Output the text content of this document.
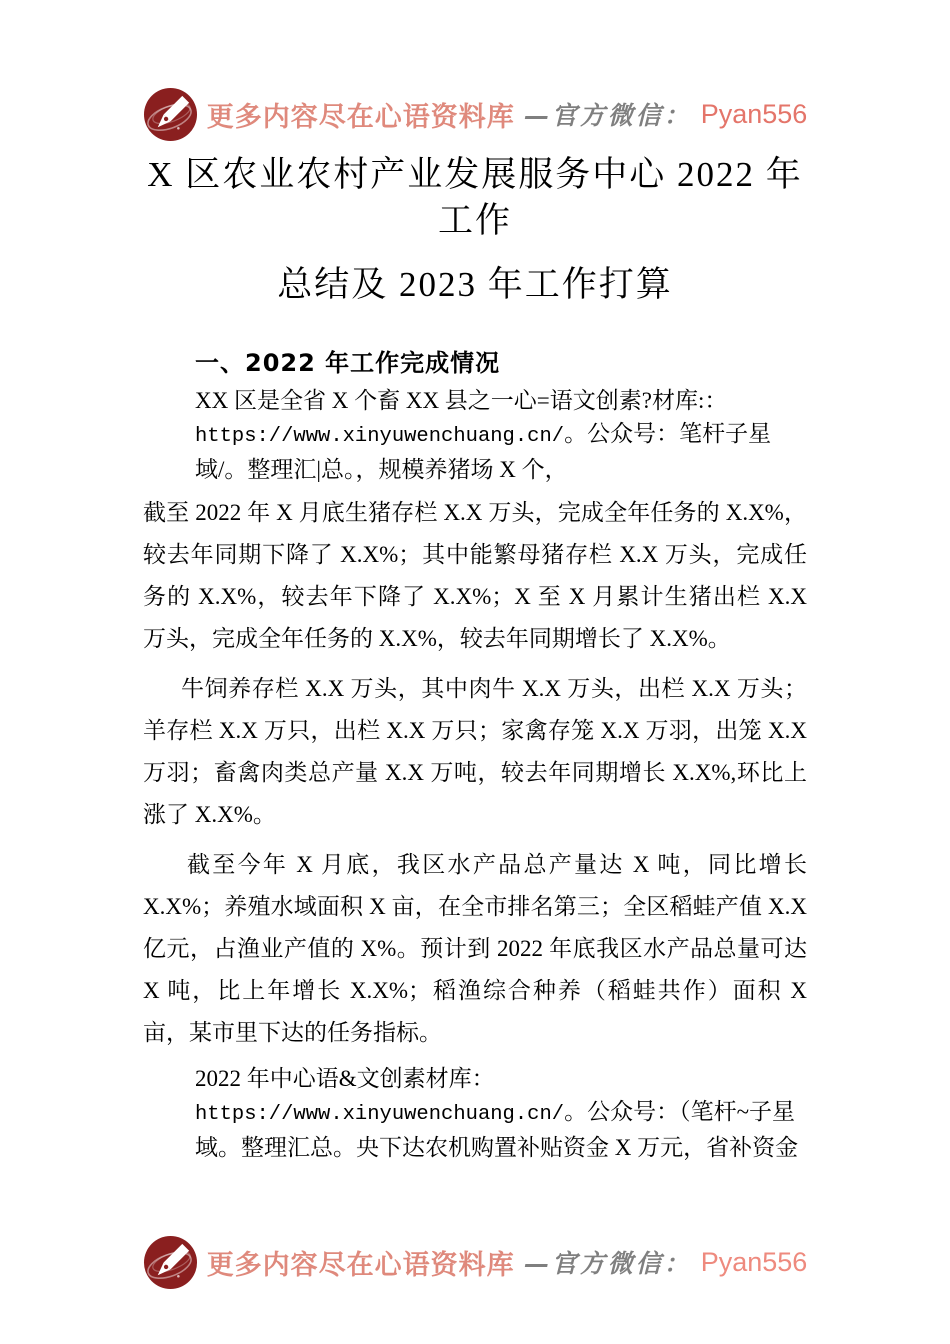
更多内容尽在心语资料库 —官方微信： Pyan556
X 区农业农村产业发展服务中心 2022 年工作
总结及 2023 年工作打算
一、2022 年工作完成情况

XX 区是全省 X 个畜 XX 县之一心=语文创素?材库:：https://www.xinyuwenchuang.cn/。公众号：笔杆子星域/。整理汇|总。，规模养猪场 X 个，

截至 2022 年 X 月底生猪存栏 X.X 万头，完成全年任务的 X.X%，较去年同期下降了 X.X%；其中能繁母猪存栏 X.X 万头，完成任务的 X.X%，较去年下降了 X.X%；X 至 X 月累计生猪出栏 X.X 万头，完成全年任务的 X.X%，较去年同期增长了 X.X%。

牛饲养存栏 X.X 万头，其中肉牛 X.X 万头，出栏 X.X 万头；羊存栏 X.X 万只，出栏 X.X 万只；家禽存笼 X.X 万羽，出笼 X.X 万羽；畜禽肉类总产量 X.X 万吨，较去年同期增长 X.X%,环比上涨了 X.X%。

截至今年 X 月底，我区水产品总产量达 X 吨，同比增长 X.X%；养殖水域面积 X 亩，在全市排名第三；全区稻蛙产值 X.X 亿元，占渔业产值的 X%。预计到 2022 年底我区水产品总量可达 X 吨，比上年增长 X.X%；稻渔综合种养（稻蛙共作）面积 X 亩，某市里下达的任务指标。

2022 年中心语&文创素材库：https://www.xinyuwenchuang.cn/。公众号：（笔杆~子星域。整理汇总。央下达农机购置补贴资金 X 万元，省补资金

更多内容尽在心语资料库 —官方微信： Pyan556
